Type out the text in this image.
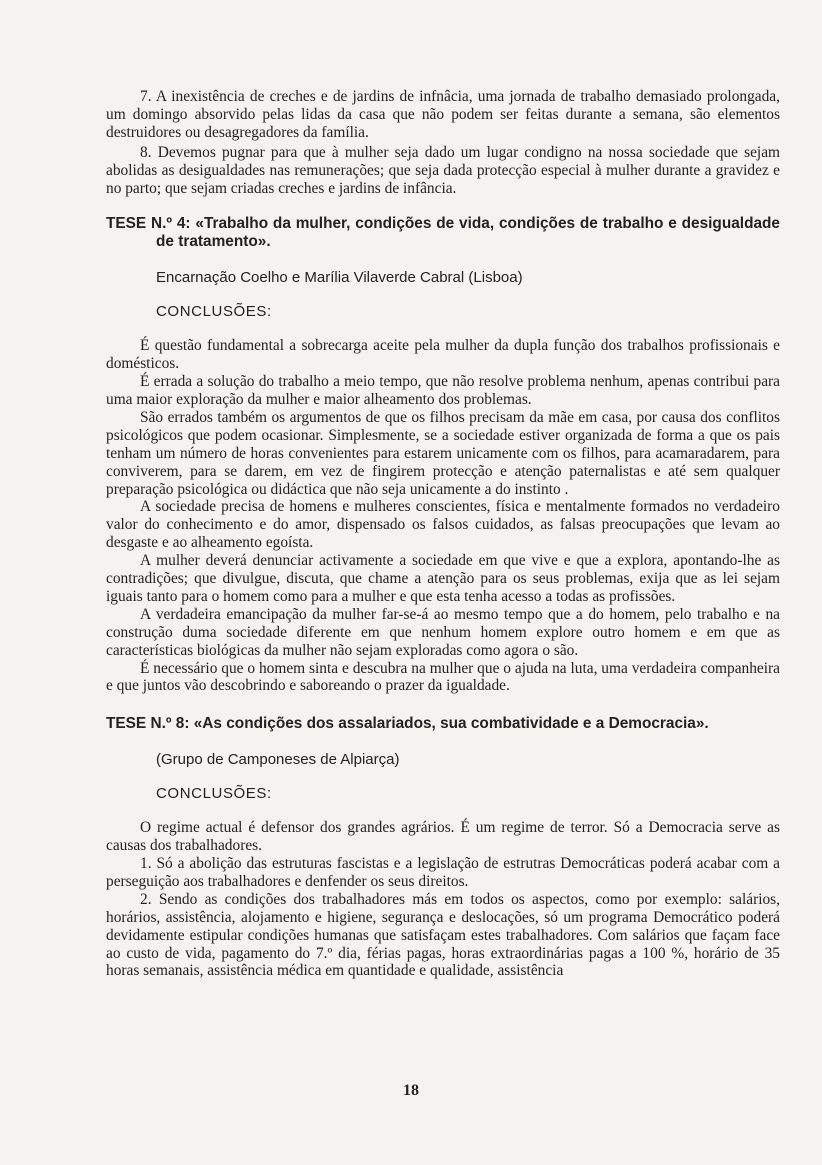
7. A inexistência de creches e de jardins de infnâcia, uma jornada de trabalho demasiado prolongada, um domingo absorvido pelas lidas da casa que não podem ser feitas durante a semana, são elementos destruidores ou desagregadores da família.

8. Devemos pugnar para que à mulher seja dado um lugar condigno na nossa sociedade que sejam abolidas as desigualdades nas remunerações; que seja dada protecção especial à mulher durante a gravidez e no parto; que sejam criadas creches e jardins de infância.

TESE N.º 4: «Trabalho da mulher, condições de vida, condições de trabalho e desigualdade de tratamento».

Encarnação Coelho e Marília Vilaverde Cabral (Lisboa)

CONCLUSÕES:

É questão fundamental a sobrecarga aceite pela mulher da dupla função dos trabalhos profissionais e domésticos.

É errada a solução do trabalho a meio tempo, que não resolve problema nenhum, apenas contribui para uma maior exploração da mulher e maior alheamento dos problemas.

São errados também os argumentos de que os filhos precisam da mãe em casa, por causa dos conflitos psicológicos que podem ocasionar. Simplesmente, se a sociedade estiver organizada de forma a que os pais tenham um número de horas convenientes para estarem unicamente com os filhos, para acamaradarem, para conviverem, para se darem, em vez de fingirem protecção e atenção paternalistas e até sem qualquer preparação psicológica ou didáctica que não seja unicamente a do instinto .

A sociedade precisa de homens e mulheres conscientes, física e mentalmente formados no verdadeiro valor do conhecimento e do amor, dispensado os falsos cuidados, as falsas preocupações que levam ao desgaste e ao alheamento egoísta.

A mulher deverá denunciar activamente a sociedade em que vive e que a explora, apontando-lhe as contradições; que divulgue, discuta, que chame a atenção para os seus problemas, exija que as lei sejam iguais tanto para o homem como para a mulher e que esta tenha acesso a todas as profissões.

A verdadeira emancipação da mulher far-se-á ao mesmo tempo que a do homem, pelo trabalho e na construção duma sociedade diferente em que nenhum homem explore outro homem e em que as características biológicas da mulher não sejam exploradas como agora o são.

É necessário que o homem sinta e descubra na mulher que o ajuda na luta, uma verdadeira companheira e que juntos vão descobrindo e saboreando o prazer da igualdade.

TESE N.º 8: «As condições dos assalariados, sua combatividade e a Democracia».

(Grupo de Camponeses de Alpiarça)

CONCLUSÕES:

O regime actual é defensor dos grandes agrários. É um regime de terror. Só a Democracia serve as causas dos trabalhadores.

1. Só a abolição das estruturas fascistas e a legislação de estrutras Democráticas poderá acabar com a perseguição aos trabalhadores e denfender os seus direitos.

2. Sendo as condições dos trabalhadores más em todos os aspectos, como por exemplo: salários, horários, assistência, alojamento e higiene, segurança e deslocações, só um programa Democrático poderá devidamente estipular condições humanas que satisfaçam estes trabalhadores. Com salários que façam face ao custo de vida, pagamento do 7.º dia, férias pagas, horas extraordinárias pagas a 100 %, horário de 35 horas semanais, assistência médica em quantidade e qualidade, assistência

18
